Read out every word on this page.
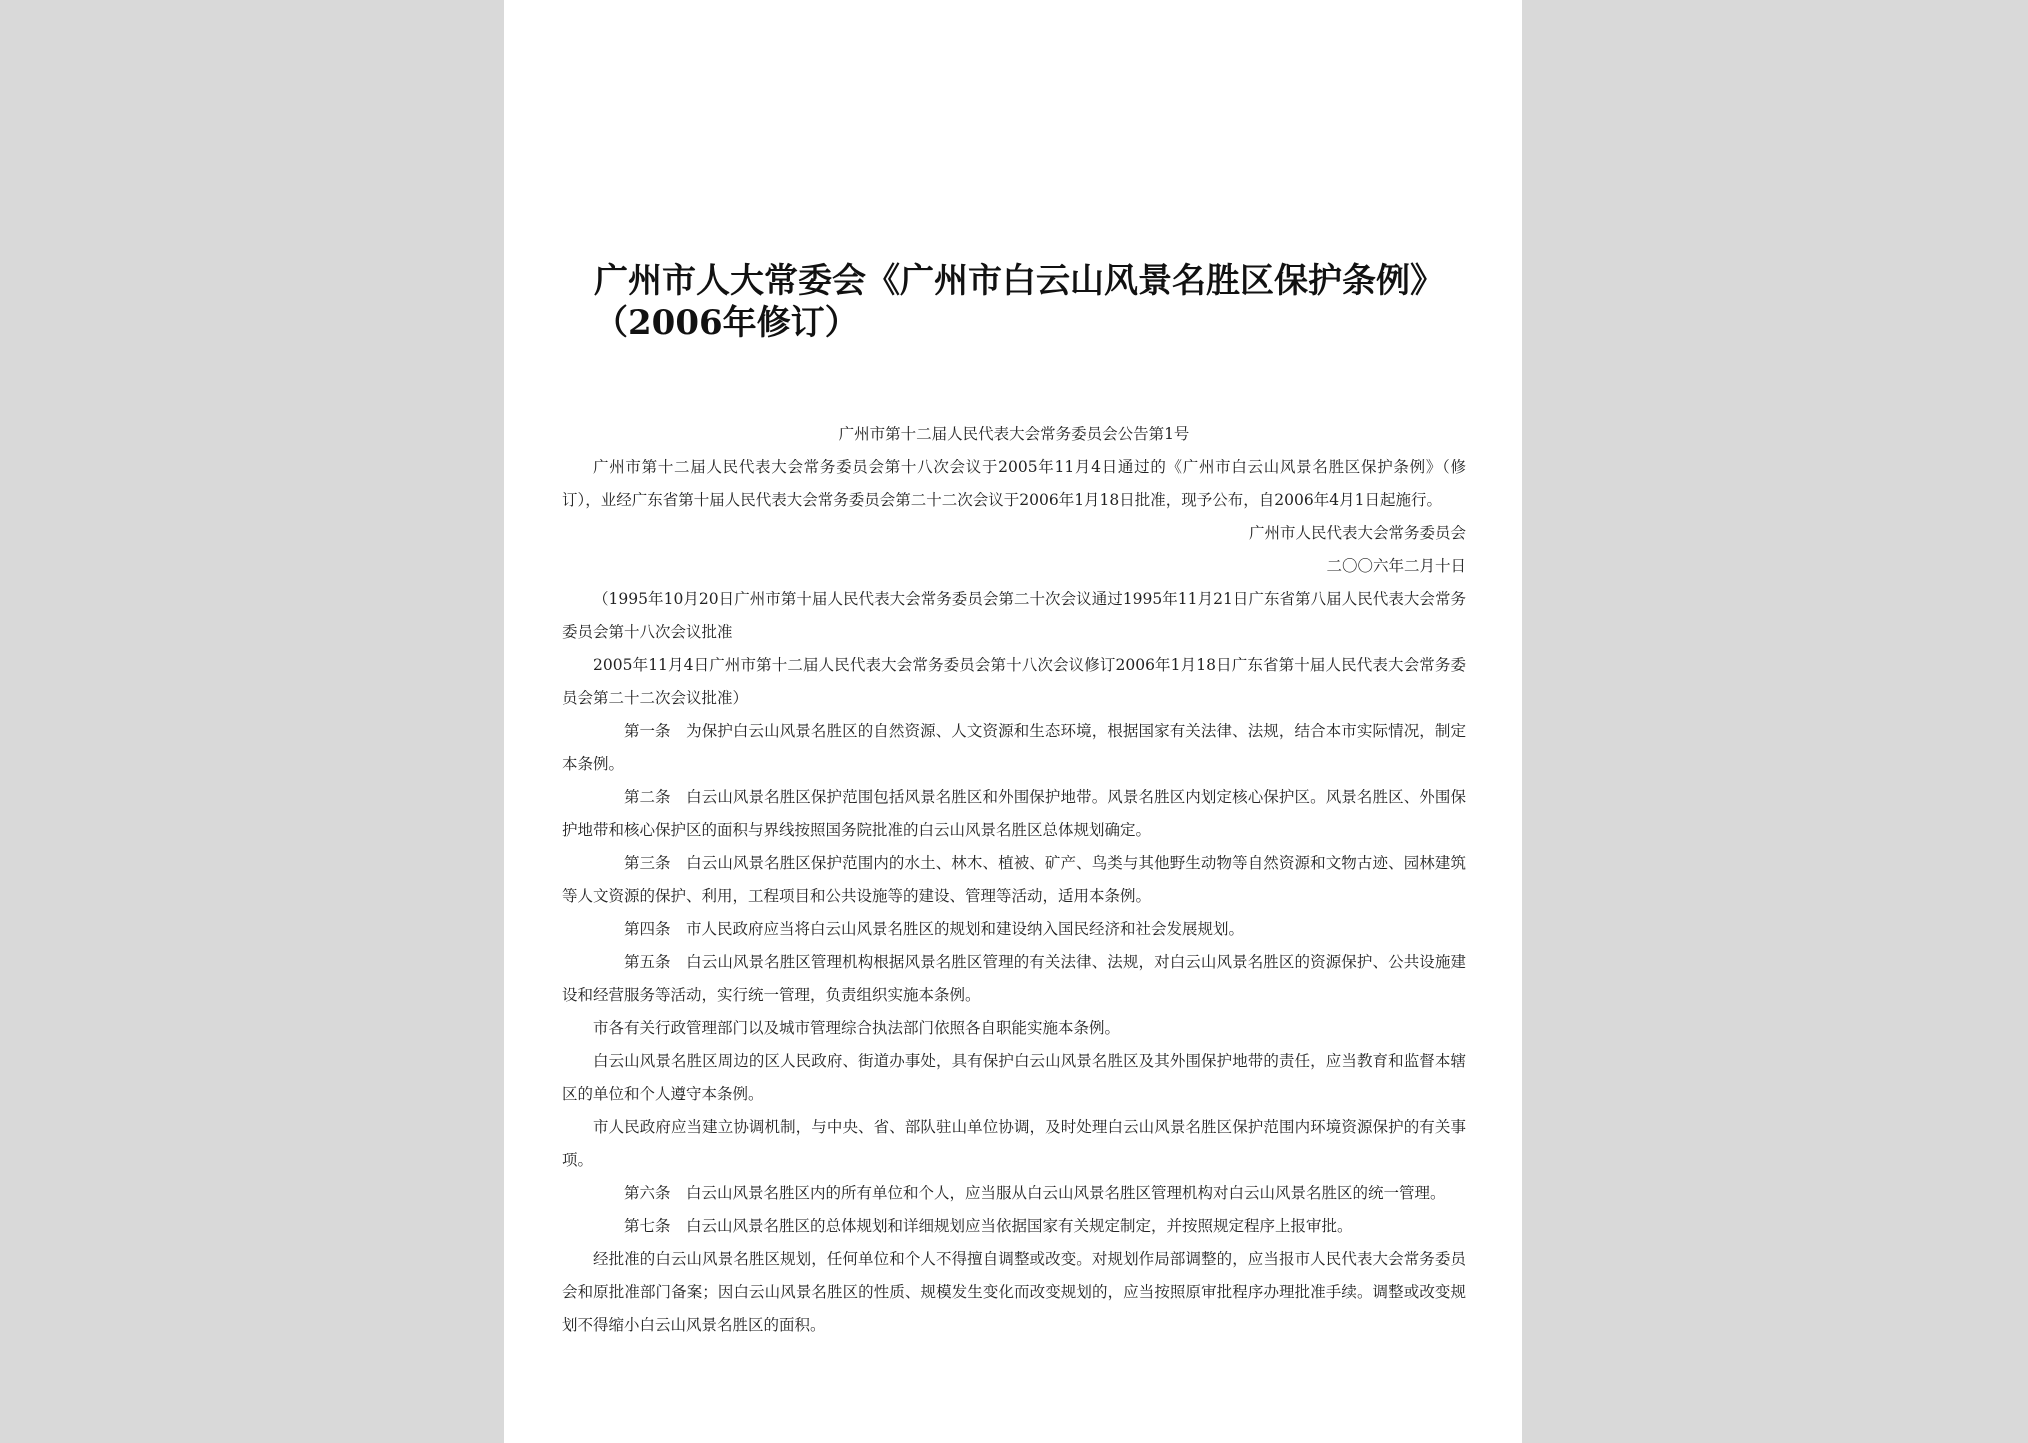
广州市人大常委会《广州市白云山风景名胜区保护条例》（2006年修订）

广州市第十二届人民代表大会常务委员会公告第1号

广州市第十二届人民代表大会常务委员会第十八次会议于2005年11月4日通过的《广州市白云山风景名胜区保护条例》（修订），业经广东省第十届人民代表大会常务委员会第二十二次会议于2006年1月18日批准，现予公布，自2006年4月1日起施行。

广州市人民代表大会常务委员会

二〇〇六年二月十日

（1995年10月20日广州市第十届人民代表大会常务委员会第二十次会议通过1995年11月21日广东省第八届人民代表大会常务委员会第十八次会议批准

2005年11月4日广州市第十二届人民代表大会常务委员会第十八次会议修订2006年1月18日广东省第十届人民代表大会常务委员会第二十二次会议批准）

第一条 为保护白云山风景名胜区的自然资源、人文资源和生态环境，根据国家有关法律、法规，结合本市实际情况，制定本条例。

第二条 白云山风景名胜区保护范围包括风景名胜区和外围保护地带。风景名胜区内划定核心保护区。风景名胜区、外围保护地带和核心保护区的面积与界线按照国务院批准的白云山风景名胜区总体规划确定。

第三条 白云山风景名胜区保护范围内的水土、林木、植被、矿产、鸟类与其他野生动物等自然资源和文物古迹、园林建筑等人文资源的保护、利用，工程项目和公共设施等的建设、管理等活动，适用本条例。

第四条 市人民政府应当将白云山风景名胜区的规划和建设纳入国民经济和社会发展规划。

第五条 白云山风景名胜区管理机构根据风景名胜区管理的有关法律、法规，对白云山风景名胜区的资源保护、公共设施建设和经营服务等活动，实行统一管理，负责组织实施本条例。

市各有关行政管理部门以及城市管理综合执法部门依照各自职能实施本条例。

白云山风景名胜区周边的区人民政府、街道办事处，具有保护白云山风景名胜区及其外围保护地带的责任，应当教育和监督本辖区的单位和个人遵守本条例。

市人民政府应当建立协调机制，与中央、省、部队驻山单位协调，及时处理白云山风景名胜区保护范围内环境资源保护的有关事项。

第六条 白云山风景名胜区内的所有单位和个人，应当服从白云山风景名胜区管理机构对白云山风景名胜区的统一管理。

第七条 白云山风景名胜区的总体规划和详细规划应当依据国家有关规定制定，并按照规定程序上报审批。

经批准的白云山风景名胜区规划，任何单位和个人不得擅自调整或改变。对规划作局部调整的，应当报市人民代表大会常务委员会和原批准部门备案；因白云山风景名胜区的性质、规模发生变化而改变规划的，应当按照原审批程序办理批准手续。调整或改变规划不得缩小白云山风景名胜区的面积。
